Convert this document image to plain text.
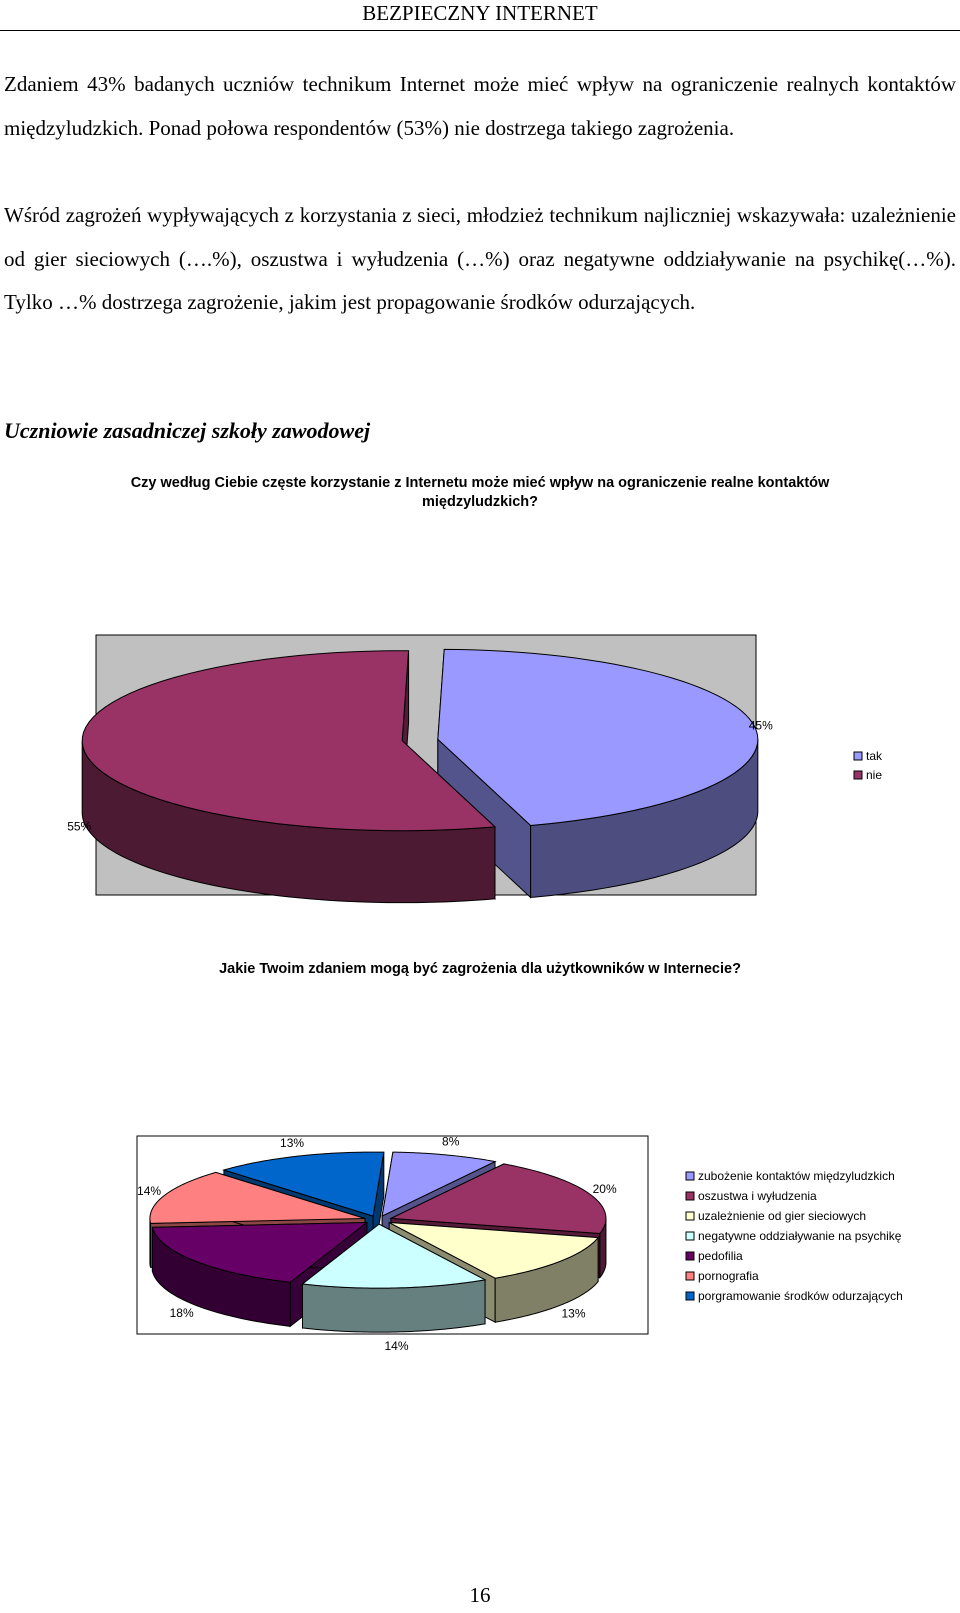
BEZPIECZNY INTERNET
Zdaniem 43% badanych uczniów technikum Internet może mieć wpływ na ograniczenie realnych kontaktów międzyludzkich. Ponad połowa respondentów (53%) nie dostrzega takiego zagrożenia.
Wśród zagrożeń wypływających z korzystania z sieci, młodzież technikum najliczniej wskazywała: uzależnienie od gier sieciowych (….%), oszustwa i wyłudzenia (…%) oraz negatywne oddziaływanie na psychikę(…%). Tylko …% dostrzega zagrożenie, jakim jest propagowanie środków odurzających.
Uczniowie zasadniczej szkoły zawodowej
Czy według Ciebie częste korzystanie z Internetu może mieć wpływ na ograniczenie realne kontaktów międzyludzkich?
45%
55%
tak
nie
Jakie Twoim zdaniem mogą być zagrożenia dla użytkowników w Internecie?
8%
20%
13%
14%
18%
14%
13%
zubożenie kontaktów międzyludzkich
oszustwa i wyłudzenia
uzależnienie od gier sieciowych
negatywne oddziaływanie na psychikę
pedofilia
pornografia
porgramowanie środków odurzających
16
